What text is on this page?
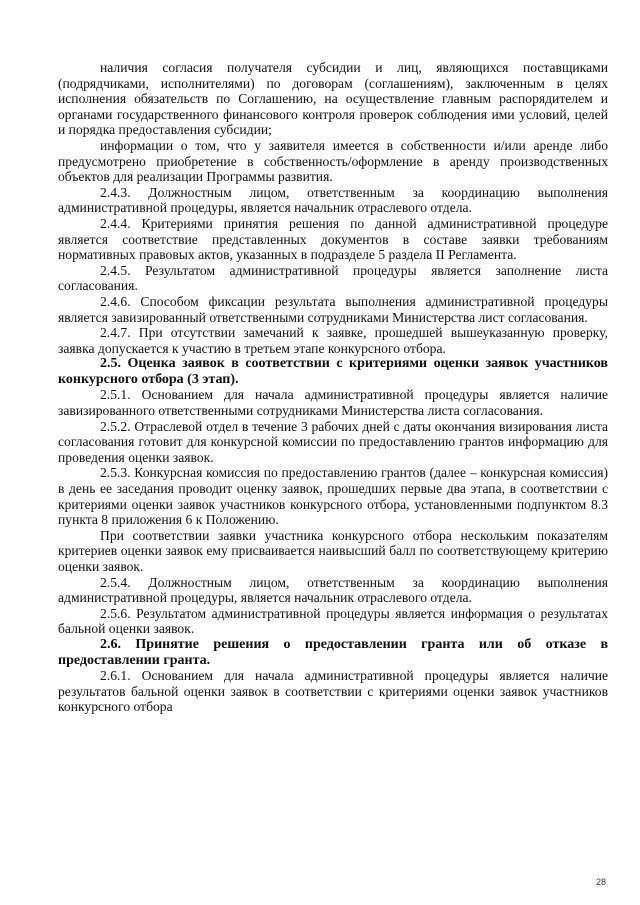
наличия согласия получателя субсидии и лиц, являющихся поставщиками (подрядчиками, исполнителями) по договорам (соглашениям), заключенным в целях исполнения обязательств по Соглашению, на осуществление главным распорядителем и органами государственного финансового контроля проверок соблюдения ими условий, целей и порядка предоставления субсидии;

информации о том, что у заявителя имеется в собственности и/или аренде либо предусмотрено приобретение в собственность/оформление в аренду производственных объектов для реализации Программы развития.

2.4.3. Должностным лицом, ответственным за координацию выполнения административной процедуры, является начальник отраслевого отдела.

2.4.4. Критериями принятия решения по данной административной процедуре является соответствие представленных документов в составе заявки требованиям нормативных правовых актов, указанных в подразделе 5 раздела II Регламента.

2.4.5. Результатом административной процедуры является заполнение листа согласования.

2.4.6. Способом фиксации результата выполнения административной процедуры является завизированный ответственными сотрудниками Министерства лист согласования.

2.4.7. При отсутствии замечаний к заявке, прошедшей вышеуказанную проверку, заявка допускается к участию в третьем этапе конкурсного отбора.

2.5. Оценка заявок в соответствии с критериями оценки заявок участников конкурсного отбора (3 этап).

2.5.1. Основанием для начала административной процедуры является наличие завизированного ответственными сотрудниками Министерства листа согласования.

2.5.2. Отраслевой отдел в течение 3 рабочих дней с даты окончания визирования листа согласования готовит для конкурсной комиссии по предоставлению грантов информацию для проведения оценки заявок.

2.5.3. Конкурсная комиссия по предоставлению грантов (далее – конкурсная комиссия) в день ее заседания проводит оценку заявок, прошедших первые два этапа, в соответствии с критериями оценки заявок участников конкурсного отбора, установленными подпунктом 8.3 пункта 8 приложения 6 к Положению.

При соответствии заявки участника конкурсного отбора нескольким показателям критериев оценки заявок ему присваивается наивысший балл по соответствующему критерию оценки заявок.

2.5.4. Должностным лицом, ответственным за координацию выполнения административной процедуры, является начальник отраслевого отдела.

2.5.6. Результатом административной процедуры является информация о результатах бальной оценки заявок.

2.6. Принятие решения о предоставлении гранта или об отказе в предоставлении гранта.

2.6.1. Основанием для начала административной процедуры является наличие результатов бальной оценки заявок в соответствии с критериями оценки заявок участников конкурсного отбора

28
